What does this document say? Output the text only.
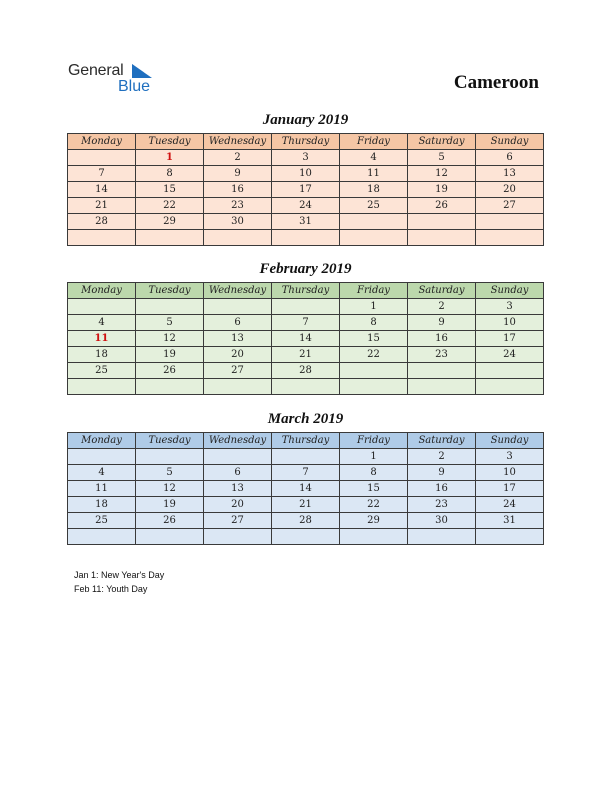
General
Blue	Cameroon
January 2019
Monday	Tuesday	Wednesday	Thursday	Friday	Saturday	Sunday
	1	2	3	4	5	6
7	8	9	10	11	12	13
14	15	16	17	18	19	20
21	22	23	24	25	26	27
28	29	30	31			

February 2019
Monday	Tuesday	Wednesday	Thursday	Friday	Saturday	Sunday
				1	2	3
4	5	6	7	8	9	10
11	12	13	14	15	16	17
18	19	20	21	22	23	24
25	26	27	28			

March 2019
Monday	Tuesday	Wednesday	Thursday	Friday	Saturday	Sunday
				1	2	3
4	5	6	7	8	9	10
11	12	13	14	15	16	17
18	19	20	21	22	23	24
25	26	27	28	29	30	31

Jan 1: New Year's Day
Feb 11: Youth Day
